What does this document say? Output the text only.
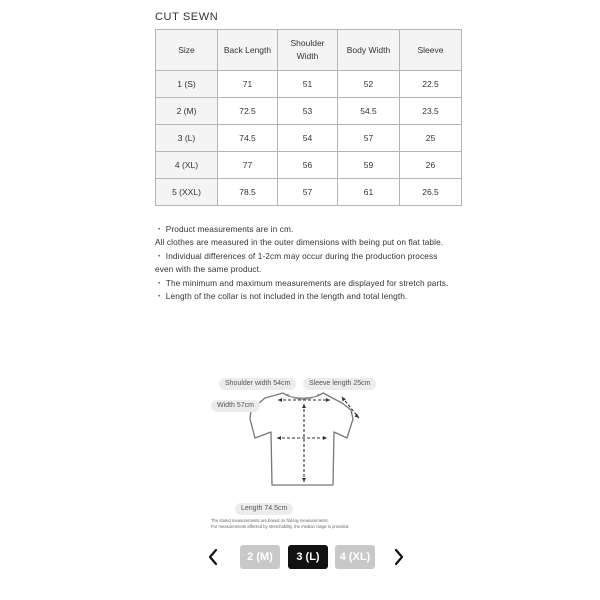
CUT SEWN
Size	Back Length	Shoulder Width	Body Width	Sleeve
1 (S)	71	51	52	22.5
2 (M)	72.5	53	54.5	23.5
3 (L)	74.5	54	57	25
4 (XL)	77	56	59	26
5 (XXL)	78.5	57	61	26.5

・ Product measurements are in cm.

All clothes are measured in the outer dimensions with being put on flat table.

・ Individual differences of 1-2cm may occur during the production process even with the same product.

・ The minimum and maximum measurements are displayed for stretch parts.

・ Length of the collar is not included in the length and total length.

Shoulder width 54cm	Sleeve length 25cm
Width 57cm
Length 74.5cm
The stated measurements are based on flat-lay measurements.
For measurements affected by stretchability, the median range is provided.
2 (M)	3 (L)	4 (XL)
